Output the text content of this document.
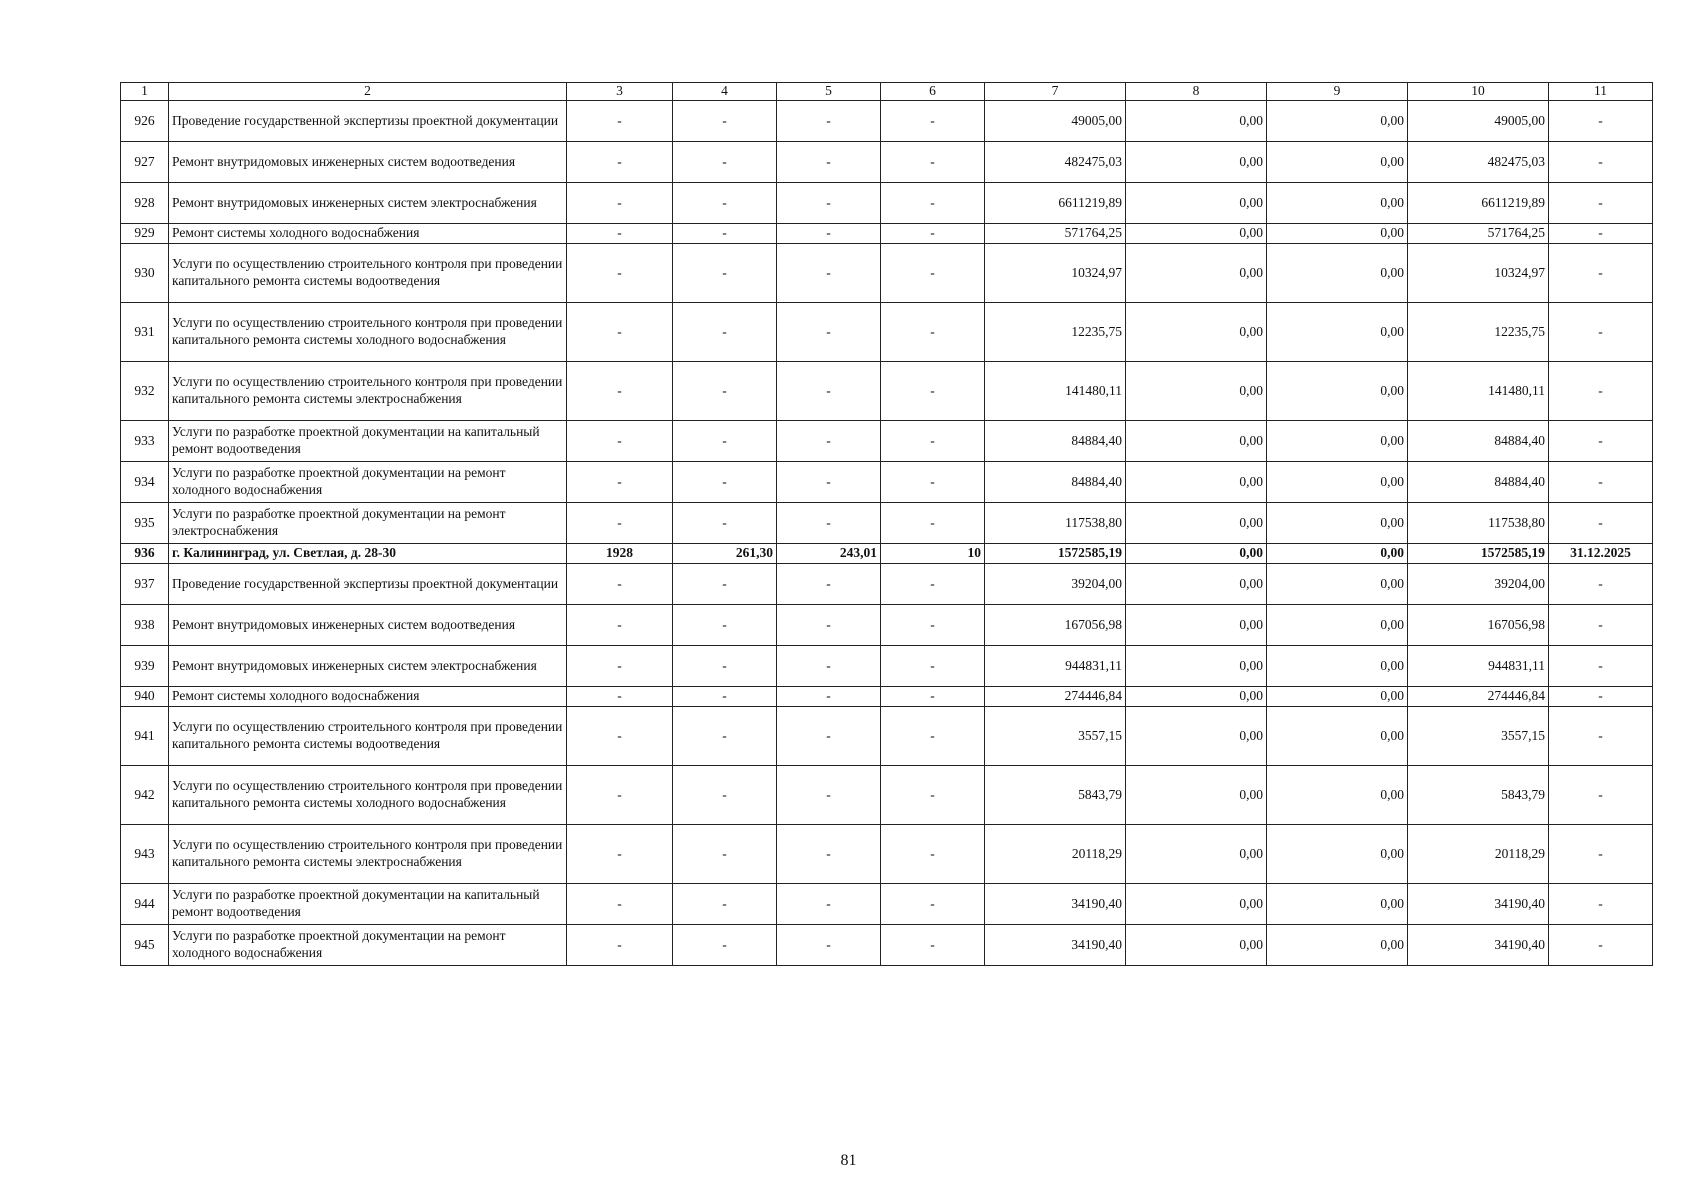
1	2	3	4	5	6	7	8	9	10	11
926	Проведение государственной экспертизы проектной документации	-	-	-	-	49005,00	0,00	0,00	49005,00	-
927	Ремонт внутридомовых инженерных систем водоотведения	-	-	-	-	482475,03	0,00	0,00	482475,03	-
928	Ремонт внутридомовых инженерных систем электроснабжения	-	-	-	-	6611219,89	0,00	0,00	6611219,89	-
929	Ремонт системы холодного водоснабжения	-	-	-	-	571764,25	0,00	0,00	571764,25	-
930	Услуги по осуществлению строительного контроля при проведении капитального ремонта системы водоотведения	-	-	-	-	10324,97	0,00	0,00	10324,97	-
931	Услуги по осуществлению строительного контроля при проведении капитального ремонта системы холодного водоснабжения	-	-	-	-	12235,75	0,00	0,00	12235,75	-
932	Услуги по осуществлению строительного контроля при проведении капитального ремонта системы электроснабжения	-	-	-	-	141480,11	0,00	0,00	141480,11	-
933	Услуги по разработке проектной документации на капитальный ремонт водоотведения	-	-	-	-	84884,40	0,00	0,00	84884,40	-
934	Услуги по разработке проектной документации на ремонт холодного водоснабжения	-	-	-	-	84884,40	0,00	0,00	84884,40	-
935	Услуги по разработке проектной документации на ремонт электроснабжения	-	-	-	-	117538,80	0,00	0,00	117538,80	-
936	г. Калининград, ул. Светлая, д. 28-30	1928	261,30	243,01	10	1572585,19	0,00	0,00	1572585,19	31.12.2025
937	Проведение государственной экспертизы проектной документации	-	-	-	-	39204,00	0,00	0,00	39204,00	-
938	Ремонт внутридомовых инженерных систем водоотведения	-	-	-	-	167056,98	0,00	0,00	167056,98	-
939	Ремонт внутридомовых инженерных систем электроснабжения	-	-	-	-	944831,11	0,00	0,00	944831,11	-
940	Ремонт системы холодного водоснабжения	-	-	-	-	274446,84	0,00	0,00	274446,84	-
941	Услуги по осуществлению строительного контроля при проведении капитального ремонта системы водоотведения	-	-	-	-	3557,15	0,00	0,00	3557,15	-
942	Услуги по осуществлению строительного контроля при проведении капитального ремонта системы холодного водоснабжения	-	-	-	-	5843,79	0,00	0,00	5843,79	-
943	Услуги по осуществлению строительного контроля при проведении капитального ремонта системы электроснабжения	-	-	-	-	20118,29	0,00	0,00	20118,29	-
944	Услуги по разработке проектной документации на капитальный ремонт водоотведения	-	-	-	-	34190,40	0,00	0,00	34190,40	-
945	Услуги по разработке проектной документации на ремонт холодного водоснабжения	-	-	-	-	34190,40	0,00	0,00	34190,40	-
81
